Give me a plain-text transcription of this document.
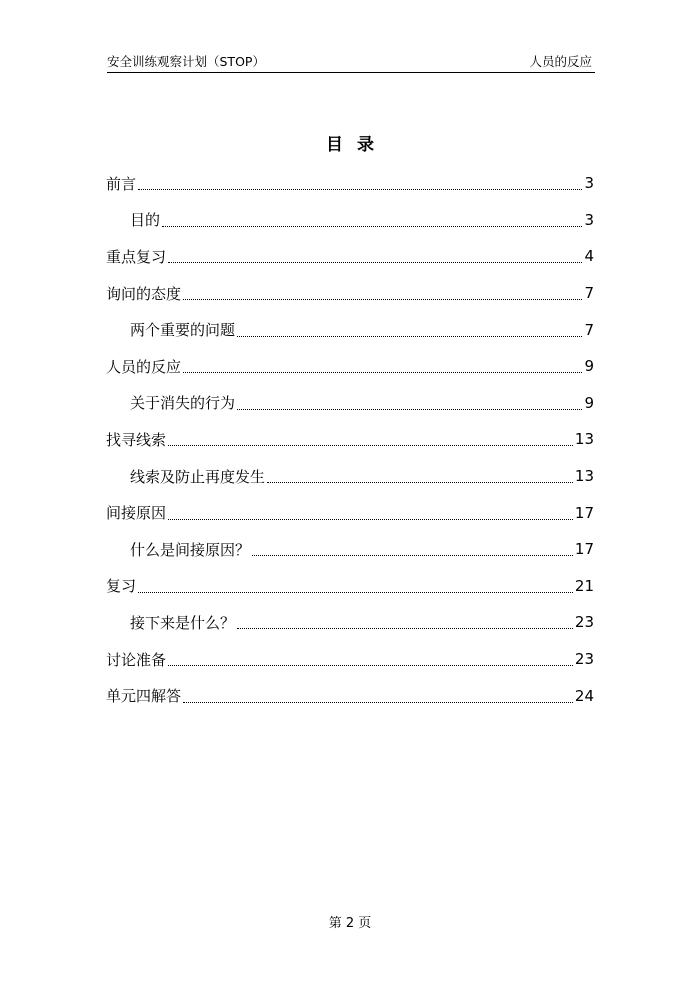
安全训练观察计划（STOP）	人员的反应
目录
前言	3
目的	3
重点复习	4
询问的态度	7
两个重要的问题	7
人员的反应	9
关于消失的行为	9
找寻线索	13
线索及防止再度发生	13
间接原因	17
什么是间接原因？	17
复习	21
接下来是什么？	23
讨论准备	23
单元四解答	24
第 2 页
